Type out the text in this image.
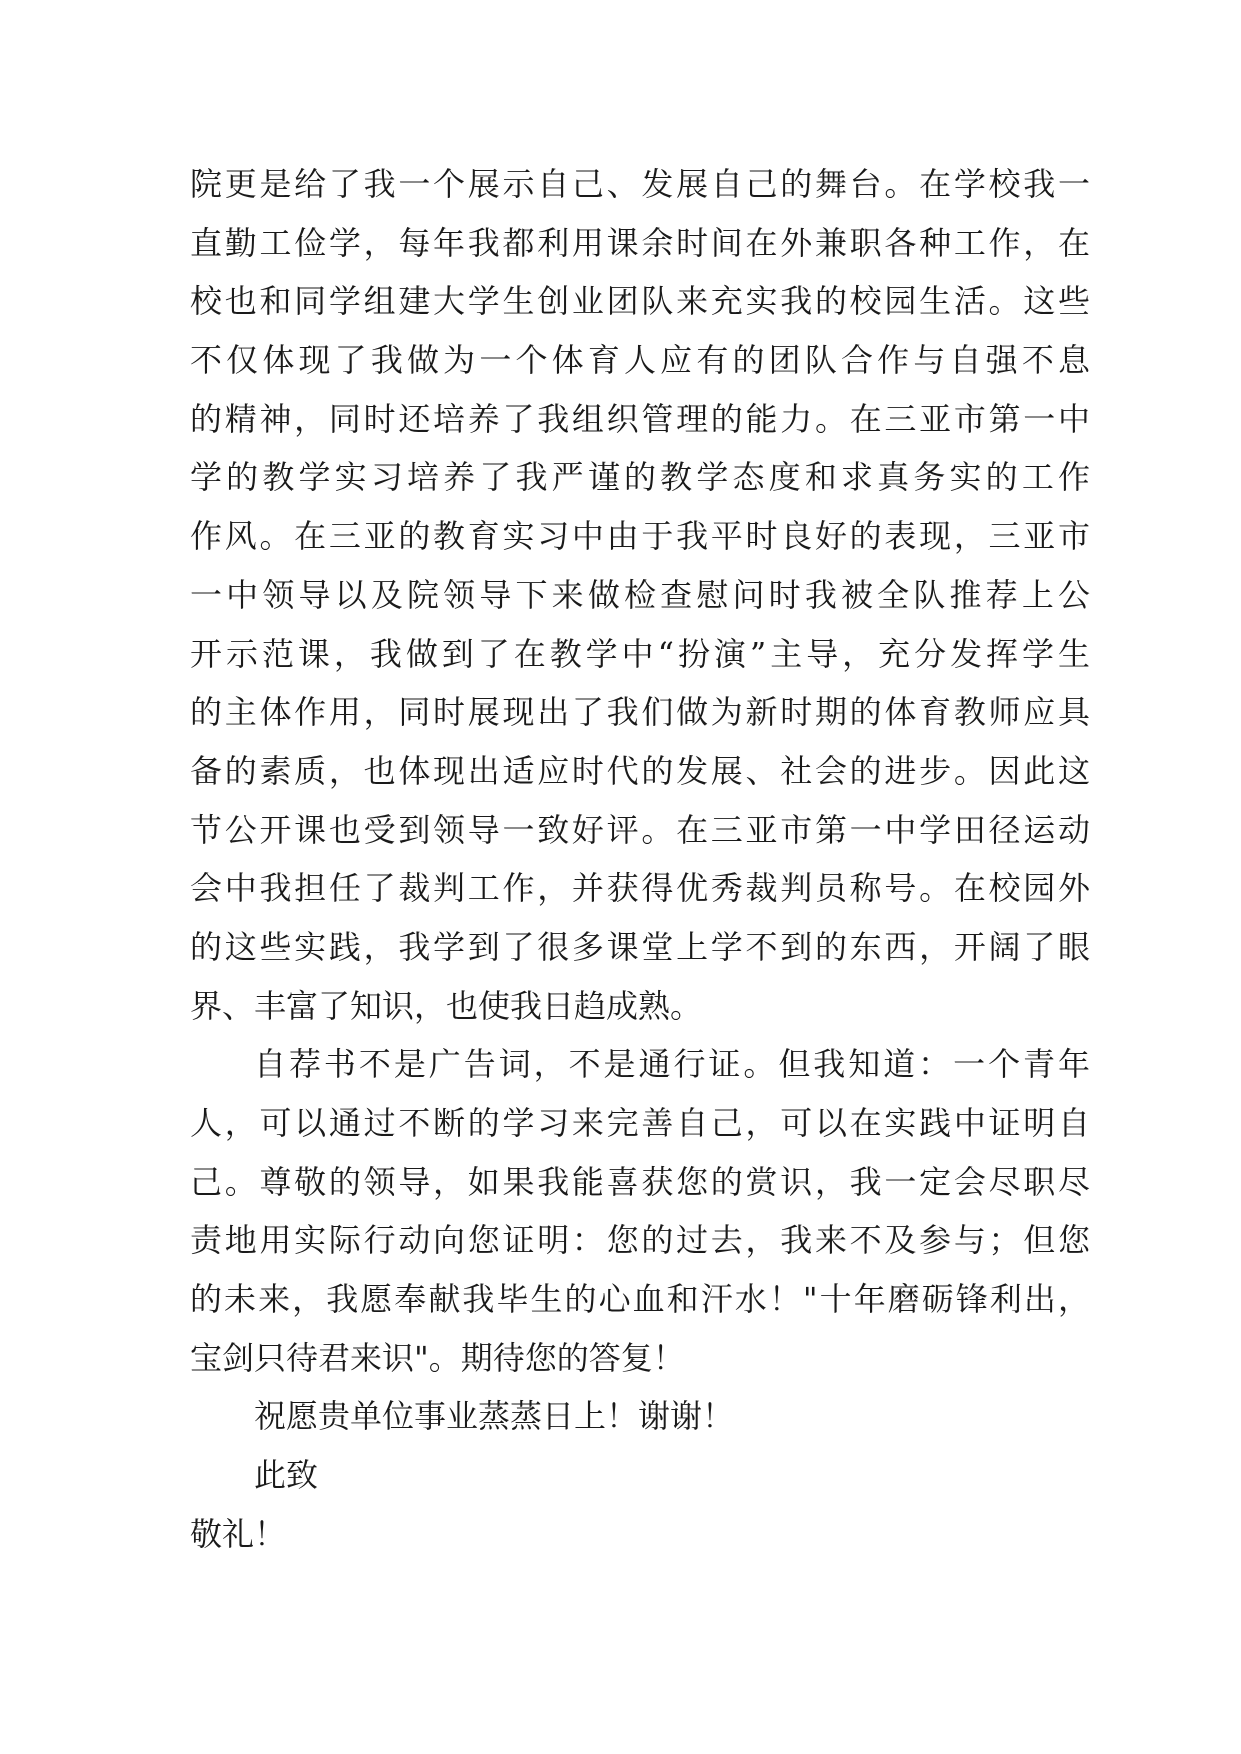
院更是给了我一个展示自己、发展自己的舞台。在学校我一
直勤工俭学，每年我都利用课余时间在外兼职各种工作，在
校也和同学组建大学生创业团队来充实我的校园生活。这些
不仅体现了我做为一个体育人应有的团队合作与自强不息
的精神，同时还培养了我组织管理的能力。在三亚市第一中
学的教学实习培养了我严谨的教学态度和求真务实的工作
作风。在三亚的教育实习中由于我平时良好的表现，三亚市
一中领导以及院领导下来做检查慰问时我被全队推荐上公
开示范课，我做到了在教学中“扮演”主导，充分发挥学生
的主体作用，同时展现出了我们做为新时期的体育教师应具
备的素质，也体现出适应时代的发展、社会的进步。因此这
节公开课也受到领导一致好评。在三亚市第一中学田径运动
会中我担任了裁判工作，并获得优秀裁判员称号。在校园外
的这些实践，我学到了很多课堂上学不到的东西，开阔了眼
界、丰富了知识，也使我日趋成熟。
自荐书不是广告词，不是通行证。但我知道：一个青年
人，可以通过不断的学习来完善自己，可以在实践中证明自
己。尊敬的领导，如果我能喜获您的赏识，我一定会尽职尽
责地用实际行动向您证明：您的过去，我来不及参与；但您
的未来，我愿奉献我毕生的心血和汗水！"十年磨砺锋利出，
宝剑只待君来识"。期待您的答复！
祝愿贵单位事业蒸蒸日上！谢谢！
此致
敬礼！
